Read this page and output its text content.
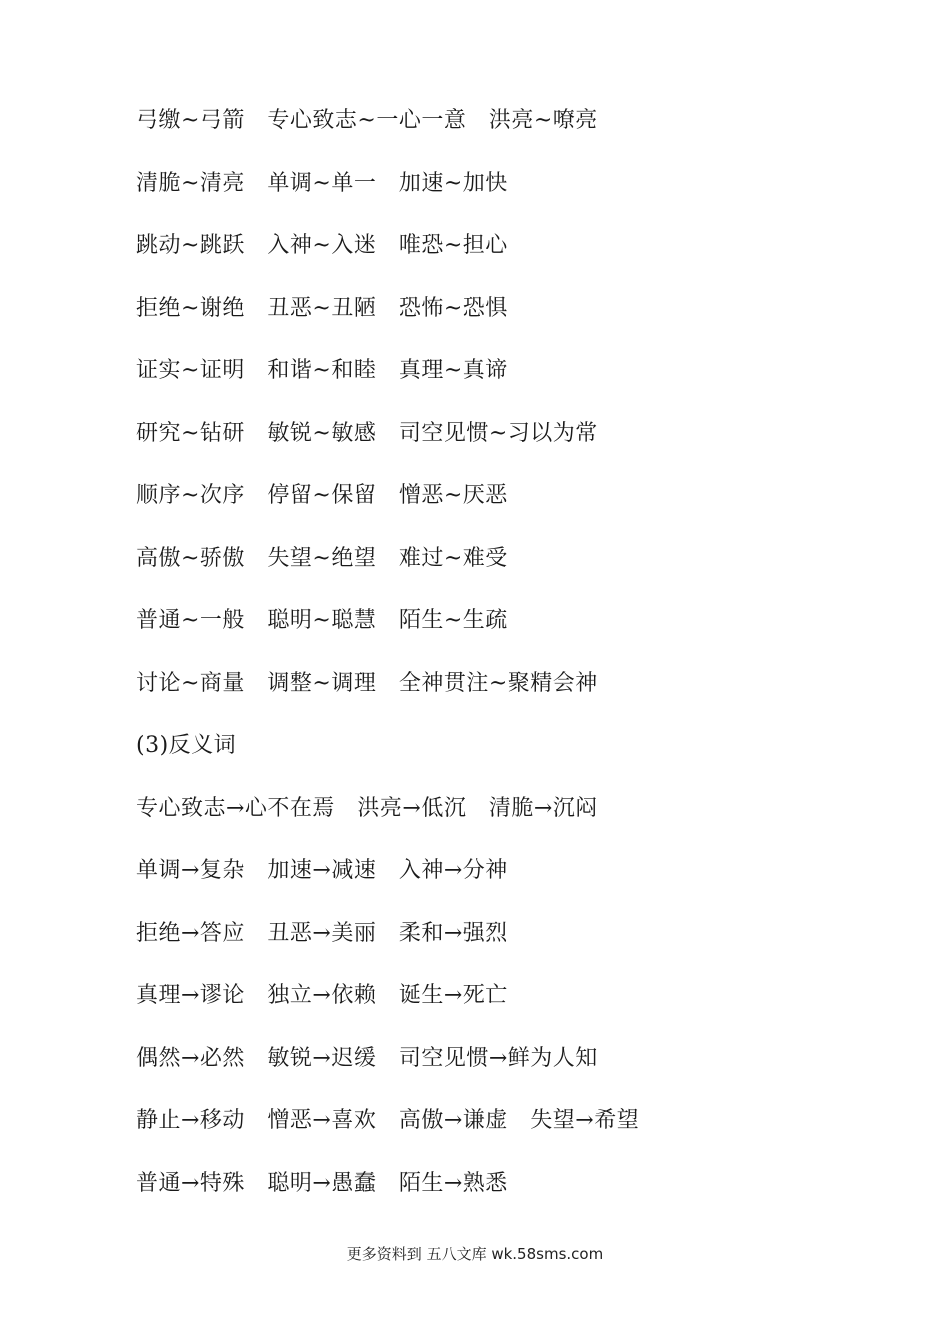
弓缴~弓箭　专心致志~一心一意　洪亮~嘹亮
清脆~清亮　单调~单一　加速~加快
跳动~跳跃　入神~入迷　唯恐~担心
拒绝~谢绝　丑恶~丑陋　恐怖~恐惧
证实~证明　和谐~和睦　真理~真谛
研究~钻研　敏锐~敏感　司空见惯~习以为常
顺序~次序　停留~保留　憎恶~厌恶
高傲~骄傲　失望~绝望　难过~难受
普通~一般　聪明~聪慧　陌生~生疏
讨论~商量　调整~调理　全神贯注~聚精会神
(3)反义词
专心致志→心不在焉　洪亮→低沉　清脆→沉闷
单调→复杂　加速→减速　入神→分神
拒绝→答应　丑恶→美丽　柔和→强烈
真理→谬论　独立→依赖　诞生→死亡
偶然→必然　敏锐→迟缓　司空见惯→鲜为人知
静止→移动　憎恶→喜欢　高傲→谦虚　失望→希望
普通→特殊　聪明→愚蠢　陌生→熟悉
更多资料到 五八文库 wk.58sms.com
